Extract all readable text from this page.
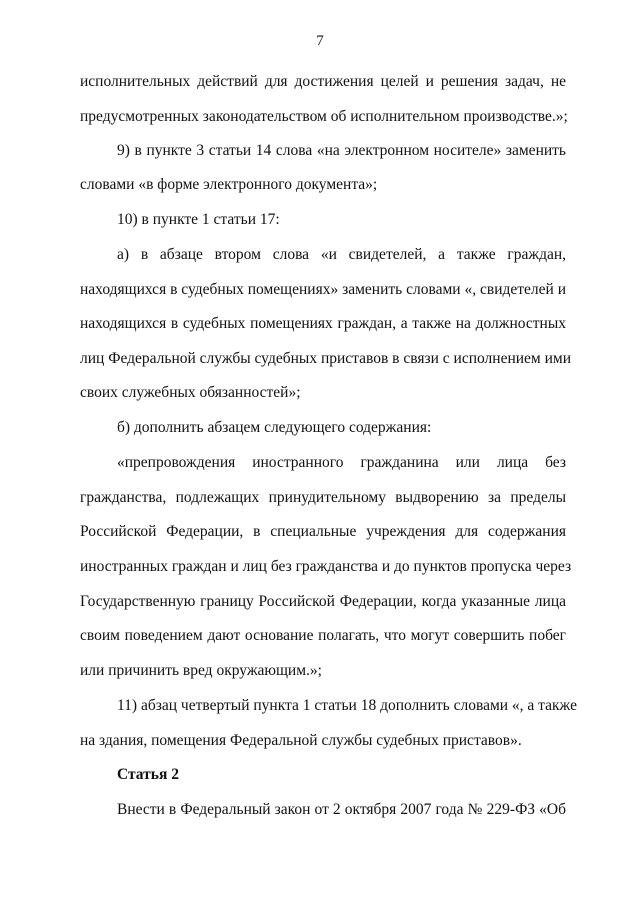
7
исполнительных действий для достижения целей и решения задач, не
предусмотренных законодательством об исполнительном производстве.»;
9) в пункте 3 статьи 14 слова «на электронном носителе» заменить
словами «в форме электронного документа»;
10) в пункте 1 статьи 17:
а) в абзаце втором слова «и свидетелей, а также граждан,
находящихся в судебных помещениях» заменить словами «, свидетелей и
находящихся в судебных помещениях граждан, а также на должностных
лиц Федеральной службы судебных приставов в связи с исполнением ими
своих служебных обязанностей»;
б) дополнить абзацем следующего содержания:
«препровождения иностранного гражданина или лица без
гражданства, подлежащих принудительному выдворению за пределы
Российской Федерации, в специальные учреждения для содержания
иностранных граждан и лиц без гражданства и до пунктов пропуска через
Государственную границу Российской Федерации, когда указанные лица
своим поведением дают основание полагать, что могут совершить побег
или причинить вред окружающим.»;
11) абзац четвертый пункта 1 статьи 18 дополнить словами «, а также
на здания, помещения Федеральной службы судебных приставов».
Статья 2
Внести в Федеральный закон от 2 октября 2007 года № 229-ФЗ «Об
